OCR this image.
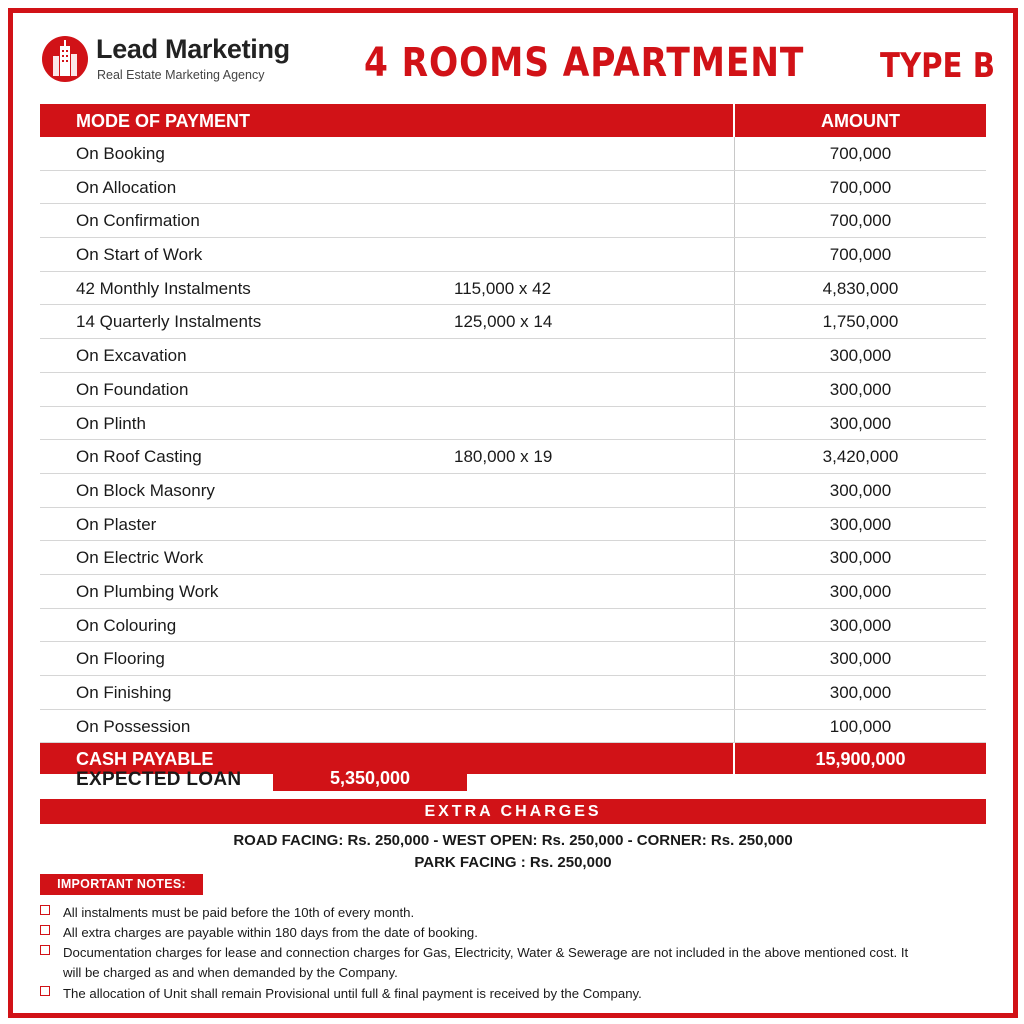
Lead Marketing
Real Estate Marketing Agency 4 ROOMS APARTMENT TYPE B
MODE OF PAYMENT	AMOUNT
On Booking	700,000
On Allocation	700,000
On Confirmation	700,000
On Start of Work	700,000
42 Monthly Instalments	115,000 x 42	4,830,000
14 Quarterly Instalments	125,000 x 14	1,750,000
On Excavation	300,000
On Foundation	300,000
On Plinth	300,000
On Roof Casting	180,000 x 19	3,420,000
On Block Masonry	300,000
On Plaster	300,000
On Electric Work	300,000
On Plumbing Work	300,000
On Colouring	300,000
On Flooring	300,000
On Finishing	300,000
On Possession	100,000
CASH PAYABLE	15,900,000
EXPECTED LOAN	5,350,000
EXTRA CHARGES
ROAD FACING: Rs. 250,000 - WEST OPEN: Rs. 250,000 - CORNER: Rs. 250,000
PARK FACING : Rs. 250,000
IMPORTANT NOTES:
All instalments must be paid before the 10th of every month.
All extra charges are payable within 180 days from the date of booking.
Documentation charges for lease and connection charges for Gas, Electricity, Water & Sewerage are not included in the above mentioned cost. It will be charged as and when demanded by the Company.
The allocation of Unit shall remain Provisional until full & final payment is received by the Company.
